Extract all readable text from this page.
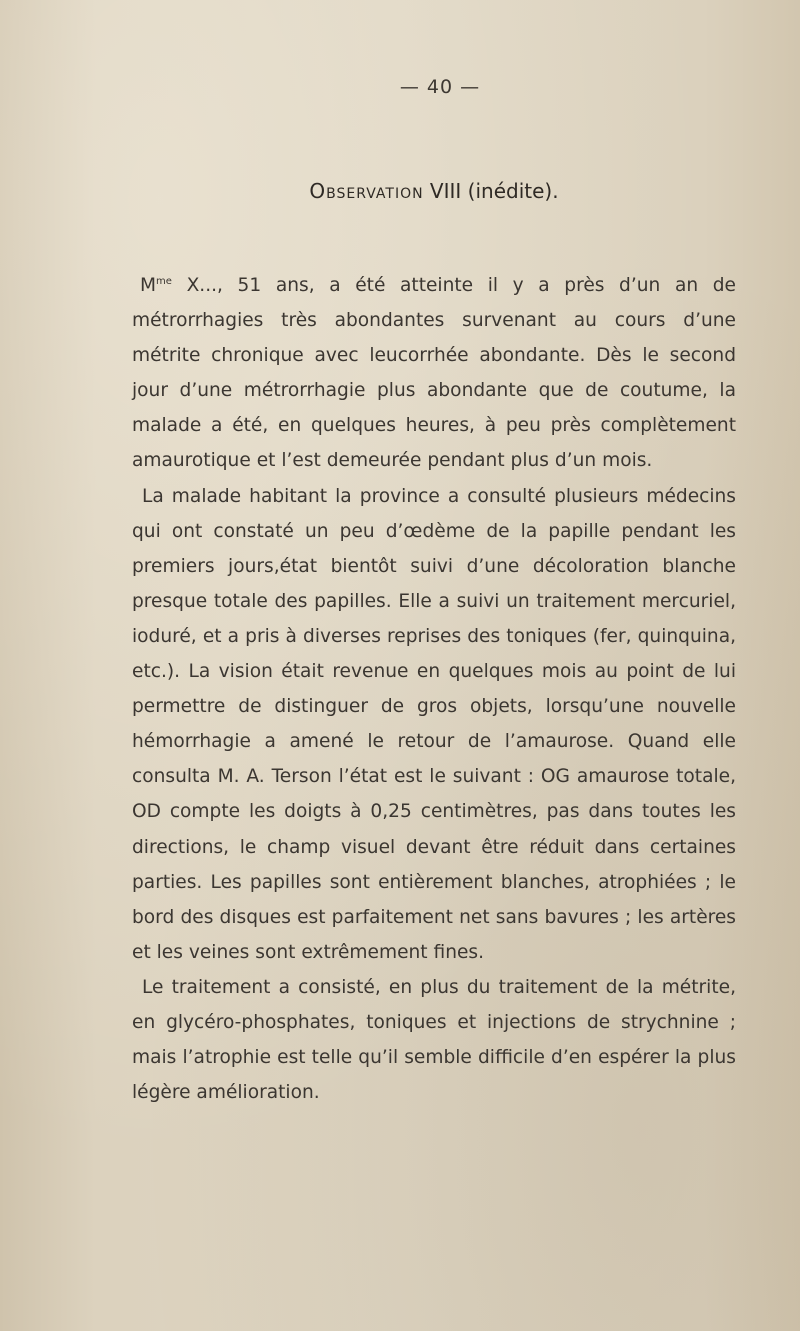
— 40 —
Observation VIII (inédite).

$M^{me}$ X..., 51 ans, a été atteinte il y a près d’un an de métrorrhagies très abondantes survenant au cours d’une métrite chronique avec leucorrhée abondante. Dès le second jour d’une métrorrhagie plus abondante que de coutume, la malade a été, en quelques heures, à peu près complètement amaurotique et l’est demeurée pendant plus d’un mois.

La malade habitant la province a consulté plusieurs médecins qui ont constaté un peu d’œdème de la papille pendant les premiers jours,état bientôt suivi d’une décoloration blanche presque totale des papilles. Elle a suivi un traitement mercuriel, ioduré, et a pris à diverses reprises des toniques (fer, quinquina, etc.). La vision était revenue en quelques mois au point de lui permettre de distinguer de gros objets, lorsqu’une nouvelle hémorrhagie a amené le retour de l’amaurose. Quand elle consulta M. A. Terson l’état est le suivant : OG amaurose totale, OD compte les doigts à 0,25 centimètres, pas dans toutes les directions, le champ visuel devant être réduit dans certaines parties. Les papilles sont entièrement blanches, atrophiées ; le bord des disques est parfaitement net sans bavures ; les artères et les veines sont extrêmement fines.

Le traitement a consisté, en plus du traitement de la métrite, en glycéro-phosphates, toniques et injections de strychnine ; mais l’atrophie est telle qu’il semble difficile d’en espérer la plus légère amélioration.
